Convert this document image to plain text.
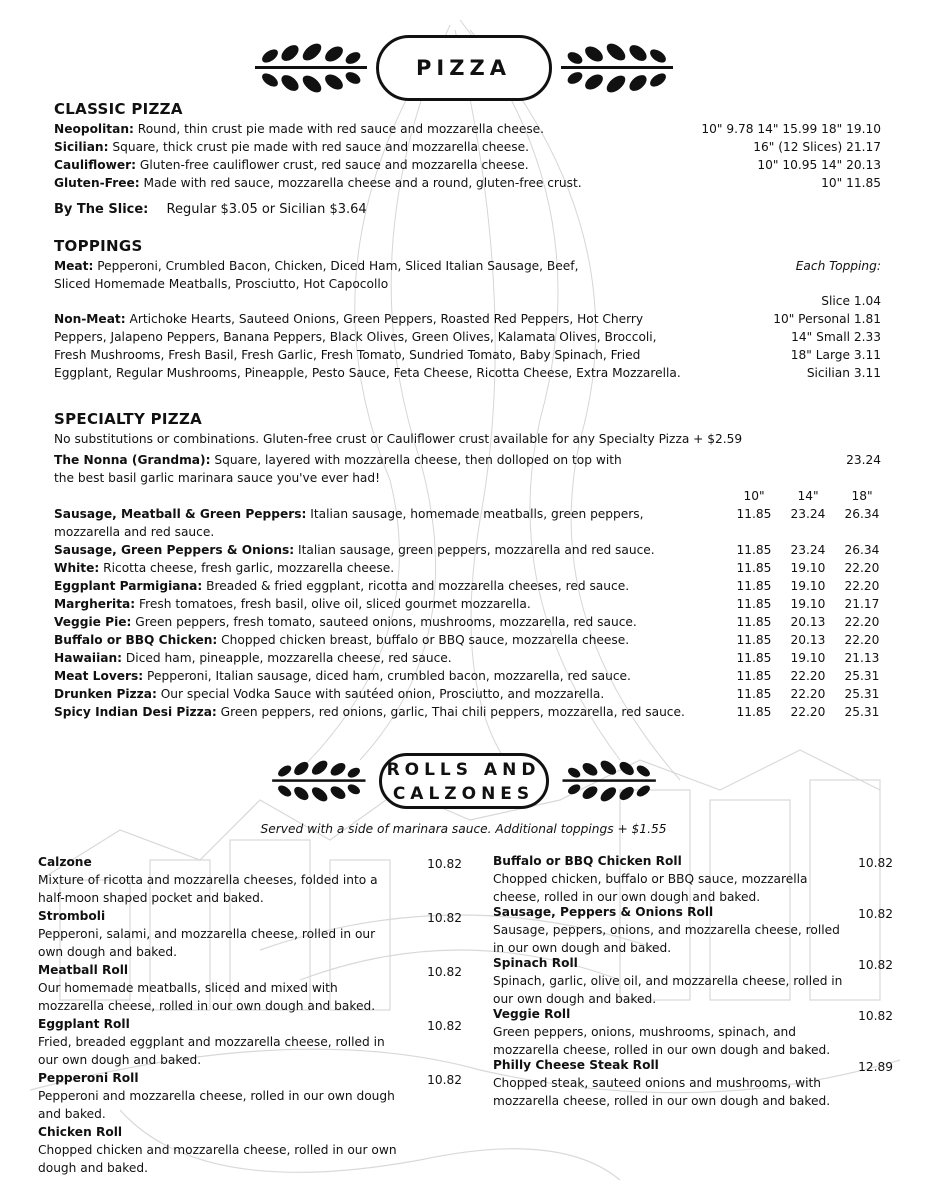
PIZZA
CLASSIC PIZZA
Neopolitan: Round, thin crust pie made with red sauce and mozzarella cheese.	10" 9.78 14" 15.99 18" 19.10
Sicilian: Square, thick crust pie made with red sauce and mozzarella cheese.	16" (12 Slices) 21.17
Cauliflower: Gluten-free cauliflower crust, red sauce and mozzarella cheese.	10" 10.95 14" 20.13
Gluten-Free: Made with red sauce, mozzarella cheese and a round, gluten-free crust.	10" 11.85
By The Slice: Regular $3.05 or Sicilian $3.64
TOPPINGS
Meat: Pepperoni, Crumbled Bacon, Chicken, Diced Ham, Sliced Italian Sausage, Beef,
Sliced Homemade Meatballs, Prosciutto, Hot Capocollo
Each Topping:
Non-Meat: Artichoke Hearts, Sauteed Onions, Green Peppers, Roasted Red Peppers, Hot Cherry
Peppers, Jalapeno Peppers, Banana Peppers, Black Olives, Green Olives, Kalamata Olives, Broccoli,
Fresh Mushrooms, Fresh Basil, Fresh Garlic, Fresh Tomato, Sundried Tomato, Baby Spinach, Fried
Eggplant, Regular Mushrooms, Pineapple, Pesto Sauce, Feta Cheese, Ricotta Cheese, Extra Mozzarella.
Slice 1.04
10" Personal 1.81
14" Small 2.33
18" Large 3.11
Sicilian 3.11
SPECIALTY PIZZA
No substitutions or combinations. Gluten-free crust or Cauliflower crust available for any Specialty Pizza + $2.59
The Nonna (Grandma): Square, layered with mozzarella cheese, then dolloped on top with
the best basil garlic marinara sauce you've ever had!
23.24
10"	14"	18"
Sausage, Meatball & Green Peppers: Italian sausage, homemade meatballs, green peppers,	11.85	23.24	26.34
mozzarella and red sauce.
Sausage, Green Peppers & Onions: Italian sausage, green peppers, mozzarella and red sauce.	11.85	23.24	26.34
White: Ricotta cheese, fresh garlic, mozzarella cheese.	11.85	19.10	22.20
Eggplant Parmigiana: Breaded & fried eggplant, ricotta and mozzarella cheeses, red sauce.	11.85	19.10	22.20
Margherita: Fresh tomatoes, fresh basil, olive oil, sliced gourmet mozzarella.	11.85	19.10	21.17
Veggie Pie: Green peppers, fresh tomato, sauteed onions, mushrooms, mozzarella, red sauce.	11.85	20.13	22.20
Buffalo or BBQ Chicken: Chopped chicken breast, buffalo or BBQ sauce, mozzarella cheese.	11.85	20.13	22.20
Hawaiian: Diced ham, pineapple, mozzarella cheese, red sauce.	11.85	19.10	21.13
Meat Lovers: Pepperoni, Italian sausage, diced ham, crumbled bacon, mozzarella, red sauce.	11.85	22.20	25.31
Drunken Pizza: Our special Vodka Sauce with sautéed onion, Prosciutto, and mozzarella.	11.85	22.20	25.31
Spicy Indian Desi Pizza: Green peppers, red onions, garlic, Thai chili peppers, mozzarella, red sauce.	11.85	22.20	25.31
ROLLS AND
CALZONES
Served with a side of marinara sauce. Additional toppings + $1.55
Calzone	10.82
Mixture of ricotta and mozzarella cheeses, folded into a half-moon shaped pocket and baked.
Stromboli	10.82
Pepperoni, salami, and mozzarella cheese, rolled in our own dough and baked.
Meatball Roll	10.82
Our homemade meatballs, sliced and mixed with mozzarella cheese, rolled in our own dough and baked.
Eggplant Roll	10.82
Fried, breaded eggplant and mozzarella cheese, rolled in our own dough and baked.
Pepperoni Roll	10.82
Pepperoni and mozzarella cheese, rolled in our own dough and baked.
Chicken Roll
Chopped chicken and mozzarella cheese, rolled in our own dough and baked.
Buffalo or BBQ Chicken Roll	10.82
Chopped chicken, buffalo or BBQ sauce, mozzarella cheese, rolled in our own dough and baked.
Sausage, Peppers & Onions Roll	10.82
Sausage, peppers, onions, and mozzarella cheese, rolled in our own dough and baked.
Spinach Roll	10.82
Spinach, garlic, olive oil, and mozzarella cheese, rolled in our own dough and baked.
Veggie Roll	10.82
Green peppers, onions, mushrooms, spinach, and mozzarella cheese, rolled in our own dough and baked.
Philly Cheese Steak Roll	12.89
Chopped steak, sauteed onions and mushrooms, with mozzarella cheese, rolled in our own dough and baked.
